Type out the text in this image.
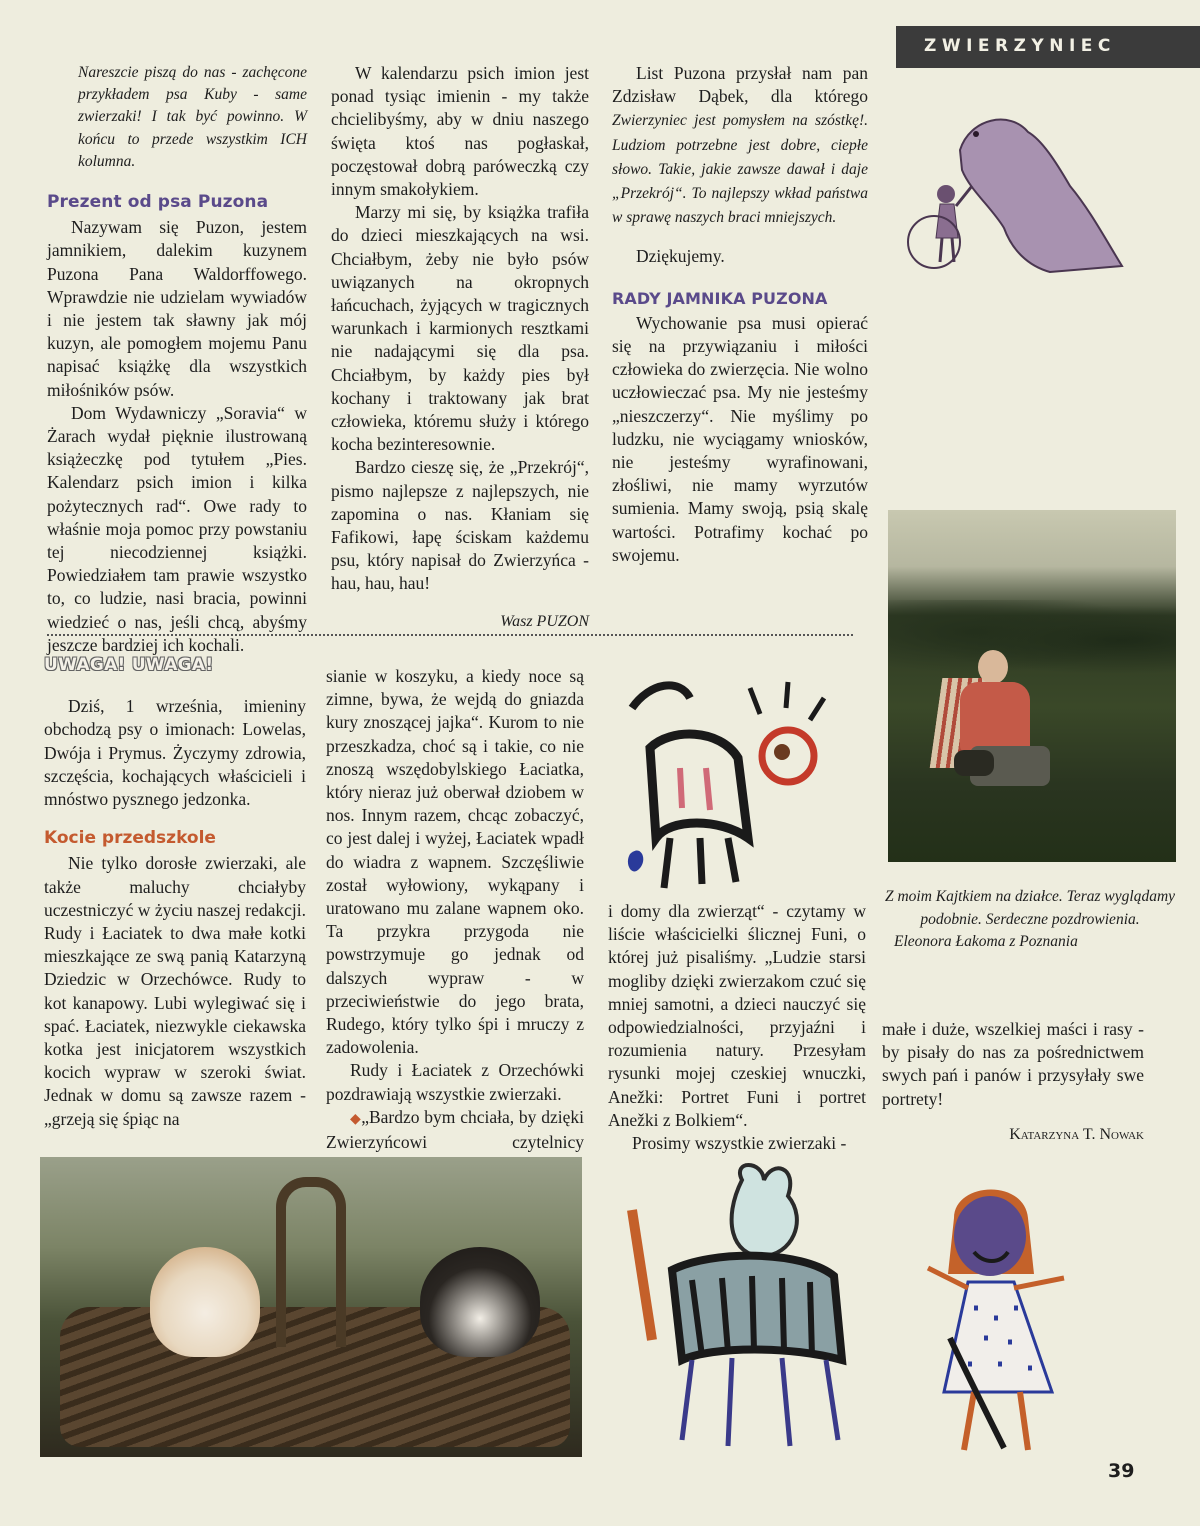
ZWIERZYNIEC

Nareszcie piszą do nas - zachęcone przykładem psa Kuby - same zwierzaki! I tak być powinno. W końcu to przede wszystkim ICH kolumna.

Prezent od psa Puzona

Nazywam się Puzon, jestem jamnikiem, dalekim kuzynem Puzona Pana Waldorffowego. Wprawdzie nie udzielam wywiadów i nie jestem tak sławny jak mój kuzyn, ale pomogłem mojemu Panu napisać książkę dla wszystkich miłośników psów.

Dom Wydawniczy „Soravia“ w Żarach wydał pięknie ilustrowaną książeczkę pod tytułem „Pies. Kalendarz psich imion i kilka pożytecznych rad“. Owe rady to właśnie moja pomoc przy powstaniu tej niecodziennej książki. Powiedziałem tam prawie wszystko to, co ludzie, nasi bracia, powinni wiedzieć o nas, jeśli chcą, abyśmy jeszcze bardziej ich kochali.

W kalendarzu psich imion jest ponad tysiąc imienin - my także chcielibyśmy, aby w dniu naszego święta ktoś nas pogłaskał, poczęstował dobrą paróweczką czy innym smakołykiem.

Marzy mi się, by książka trafiła do dzieci mieszkających na wsi. Chciałbym, żeby nie było psów uwiązanych na okropnych łańcuchach, żyjących w tragicznych warunkach i karmionych resztkami nie nadającymi się dla psa. Chciałbym, by każdy pies był kochany i traktowany jak brat człowieka, któremu służy i którego kocha bezinteresownie.

Bardzo cieszę się, że „Przekrój“, pismo najlepsze z najlepszych, nie zapomina o nas. Kłaniam się Fafikowi, łapę ściskam każdemu psu, który napisał do Zwierzyńca - hau, hau, hau!

Wasz PUZON

List Puzona przysłał nam pan Zdzisław Dąbek, dla którego Zwierzyniec jest pomysłem na szóstkę!. Ludziom potrzebne jest dobre, ciepłe słowo. Takie, jakie zawsze dawał i daje „Przekrój“. To najlepszy wkład państwa w sprawę naszych braci mniejszych.

Dziękujemy.

RADY JAMNIKA PUZONA

Wychowanie psa musi opierać się na przywiązaniu i miłości człowieka do zwierzęcia. Nie wolno uczłowieczać psa. My nie jesteśmy „nieszczerzy“. Nie myślimy po ludzku, nie wyciągamy wniosków, nie jesteśmy wyrafinowani, złośliwi, nie mamy wyrzutów sumienia. Mamy swoją, psią skalę wartości. Potrafimy kochać po swojemu.

Z moim Kajtkiem na działce. Teraz wyglądamy podobnie. Serdeczne pozdrowienia.
Eleonora Łakoma z Poznania
UWAGA! UWAGA!

Dziś, 1 września, imieniny obchodzą psy o imionach: Lowelas, Dwója i Prymus. Życzymy zdrowia, szczęścia, kochających właścicieli i mnóstwo pysznego jedzonka.

Kocie przedszkole

Nie tylko dorosłe zwierzaki, ale także maluchy chciałyby uczestniczyć w życiu naszej redakcji. Rudy i Łaciatek to dwa małe kotki mieszkające ze swą panią Katarzyną Dziedzic w Orzechówce. Rudy to kot kanapowy. Lubi wylegiwać się i spać. Łaciatek, niezwykle ciekawska kotka jest inicjatorem wszystkich kocich wypraw w szeroki świat. Jednak w domu są zawsze razem - „grzeją się śpiąc na

sianie w koszyku, a kiedy noce są zimne, bywa, że wejdą do gniazda kury znoszącej jajka“. Kurom to nie przeszkadza, choć są i takie, co nie znoszą wszędobylskiego Łaciatka, który nieraz już oberwał dziobem w nos. Innym razem, chcąc zobaczyć, co jest dalej i wyżej, Łaciatek wpadł do wiadra z wapnem. Szczęśliwie został wyłowiony, wykąpany i uratowano mu zalane wapnem oko. Ta przykra przygoda nie powstrzymuje go jednak od dalszych wypraw - w przeciwieństwie do jego brata, Rudego, który tylko śpi i mruczy z zadowolenia.

Rudy i Łaciatek z Orzechówki pozdrawiają wszystkie zwierzaki.

◆„Bardzo bym chciała, by dzięki Zwierzyńcowi czytelnicy

i domy dla zwierząt“ - czytamy w liście właścicielki ślicznej Funi, o której już pisaliśmy. „Ludzie starsi mogliby dzięki zwierzakom czuć się mniej samotni, a dzieci nauczyć się odpowiedzialności, przyjaźni i rozumienia natury. Przesyłam rysunki mojej czeskiej wnuczki, Anežki: Portret Funi i portret Anežki z Bolkiem“.

Prosimy wszystkie zwierzaki -

małe i duże, wszelkiej maści i rasy - by pisały do nas za pośrednictwem swych pań i panów i przysyłały swe portrety!

Katarzyna T. Nowak
39
